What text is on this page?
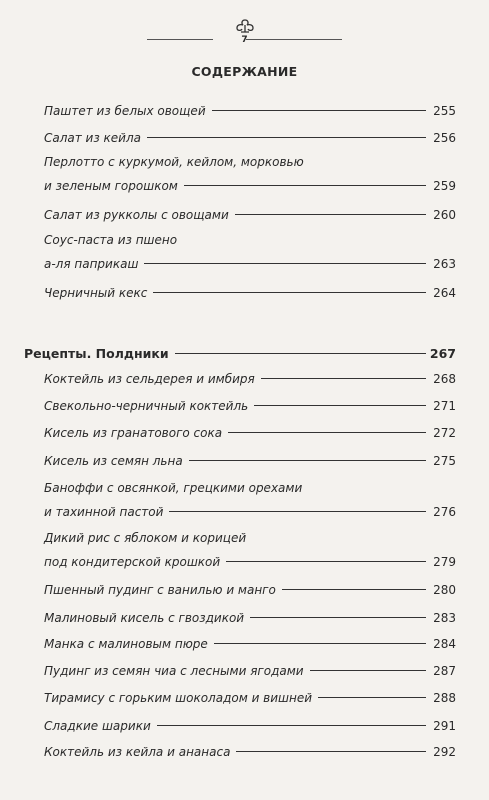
7
СОДЕРЖАНИЕ
Паштет из белых овощей	255
Салат из кейла	256
Перлотто с куркумой, кейлом, морковью
и зеленым горошком	259
Салат из рукколы с овощами	260
Соус-паста из пшено
а-ля паприкаш	263
Черничный кекс	264
Рецепты. Полдники	267
Коктейль из сельдерея и имбиря	268
Свекольно-черничный коктейль	271
Кисель из гранатового сока	272
Кисель из семян льна	275
Баноффи с овсянкой, грецкими орехами
и тахинной пастой	276
Дикий рис с яблоком и корицей
под кондитерской крошкой	279
Пшенный пудинг с ванилью и манго	280
Малиновый кисель с гвоздикой	283
Манка с малиновым пюре	284
Пудинг из семян чиа с лесными ягодами	287
Тирамису с горьким шоколадом и вишней	288
Сладкие шарики	291
Коктейль из кейла и ананаса	292
